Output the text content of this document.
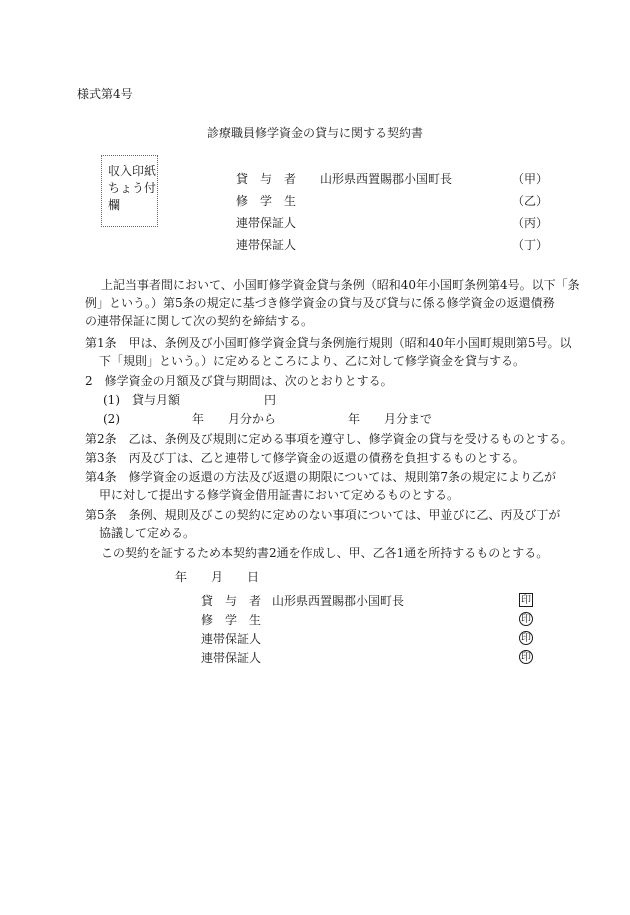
様式第4号
診療職員修学資金の貸与に関する契約書
収入印紙
ちょう付
欄
貸　与　者 山形県西置賜郡小国町長	（甲）
修　学　生	（乙）
連帯保証人	（丙）
連帯保証人	（丁）
上記当事者間において、小国町修学資金貸与条例（昭和40年小国町条例第4号。以下「条
例」という。）第5条の規定に基づき修学資金の貸与及び貸与に係る修学資金の返還債務
の連帯保証に関して次の契約を締結する。
第1条　甲は、条例及び小国町修学資金貸与条例施行規則（昭和40年小国町規則第5号。以
下「規則」という。）に定めるところにより、乙に対して修学資金を貸与する。
2　修学資金の月額及び貸与期間は、次のとおりとする。
(1)　貸与月額　　　　　　　円
(2)　　　　　　年　　月分から　　　　　　年　　月分まで
第2条　乙は、条例及び規則に定める事項を遵守し、修学資金の貸与を受けるものとする。
第3条　丙及び丁は、乙と連帯して修学資金の返還の債務を負担するものとする。
第4条　修学資金の返還の方法及び返還の期限については、規則第7条の規定により乙が
甲に対して提出する修学資金借用証書において定めるものとする。
第5条　条例、規則及びこの契約に定めのない事項については、甲並びに乙、丙及び丁が
協議して定める。
この契約を証するため本契約書2通を作成し、甲、乙各1通を所持するものとする。
年　　月　　日
貸　与　者 山形県西置賜郡小国町長	印
修　学　生	印
連帯保証人	印
連帯保証人	印
